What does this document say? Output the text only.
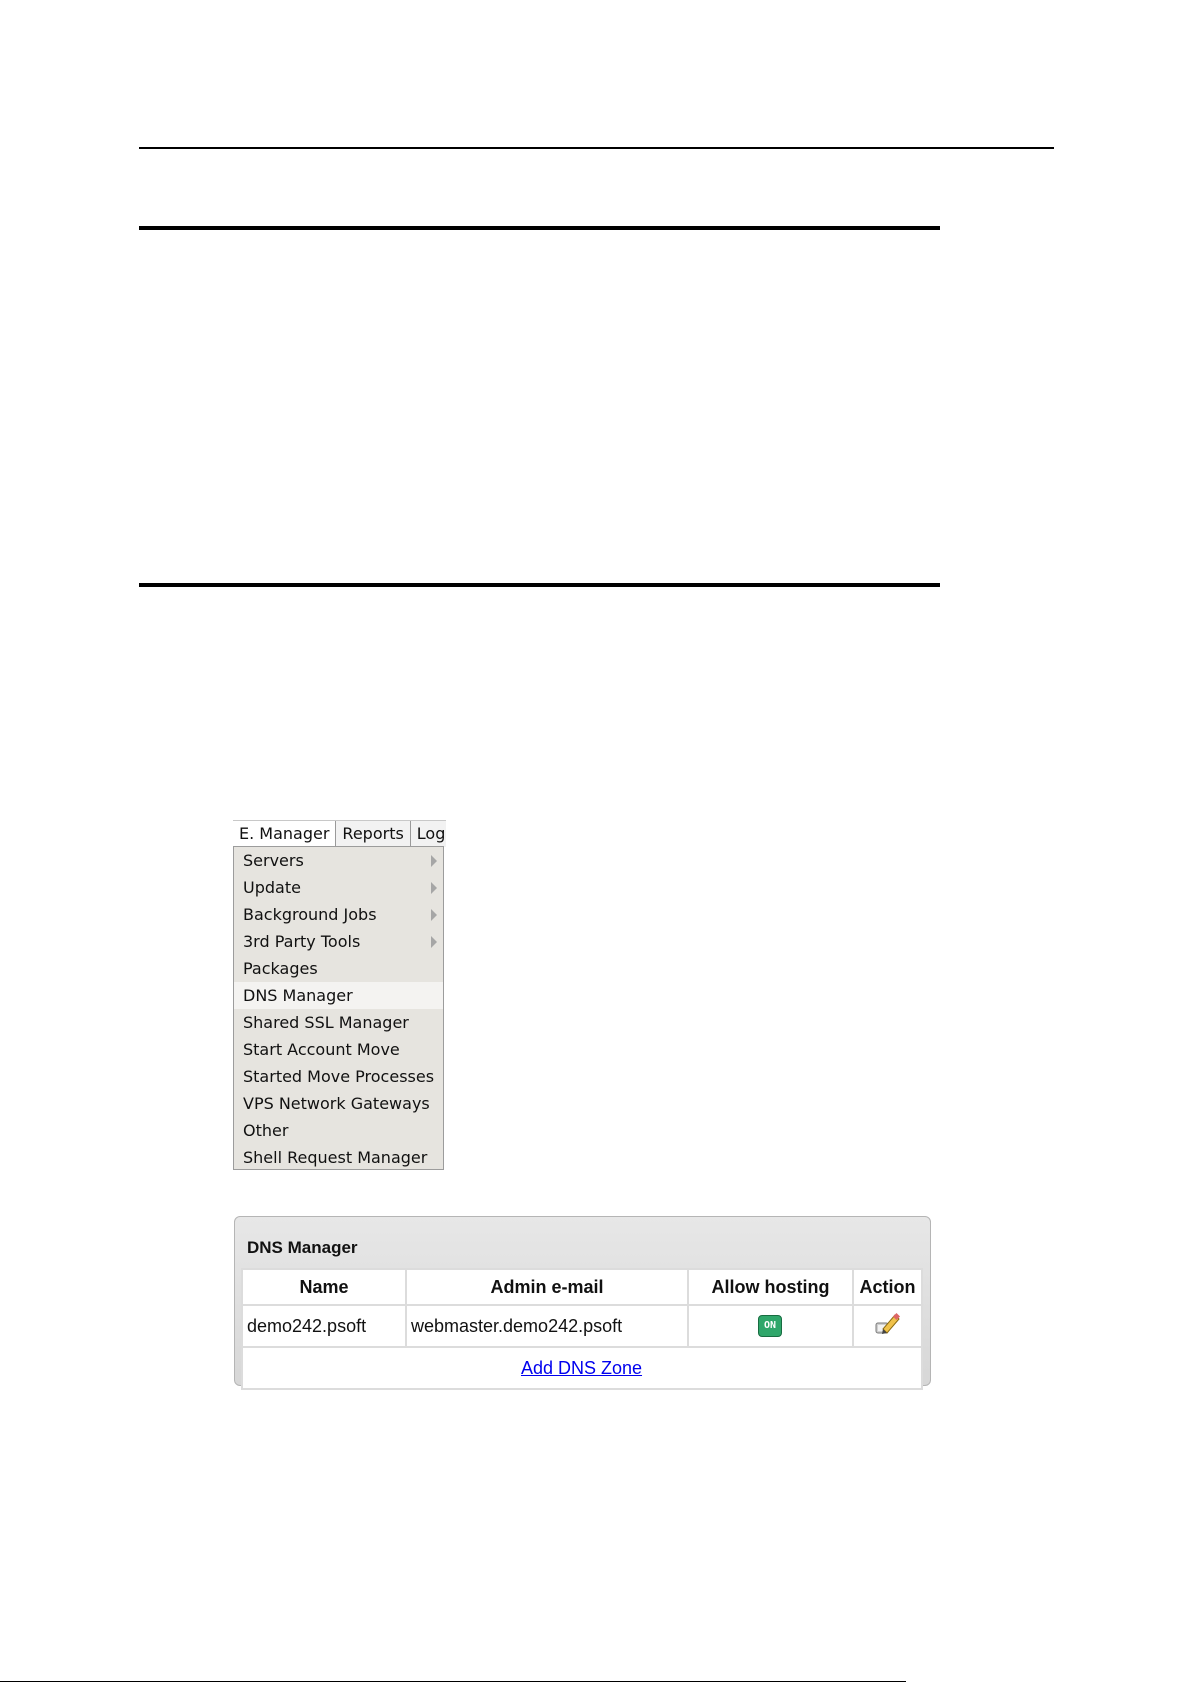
E. Manager Reports Log
Servers
Update
Background Jobs
3rd Party Tools
Packages
DNS Manager
Shared SSL Manager
Start Account Move
Started Move Processes
VPS Network Gateways
Other
Shell Request Manager
DNS Manager
Name	Admin e-mail	Allow hosting	Action
demo242.psoft	webmaster.demo242.psoft	ON	
Add DNS Zone			
